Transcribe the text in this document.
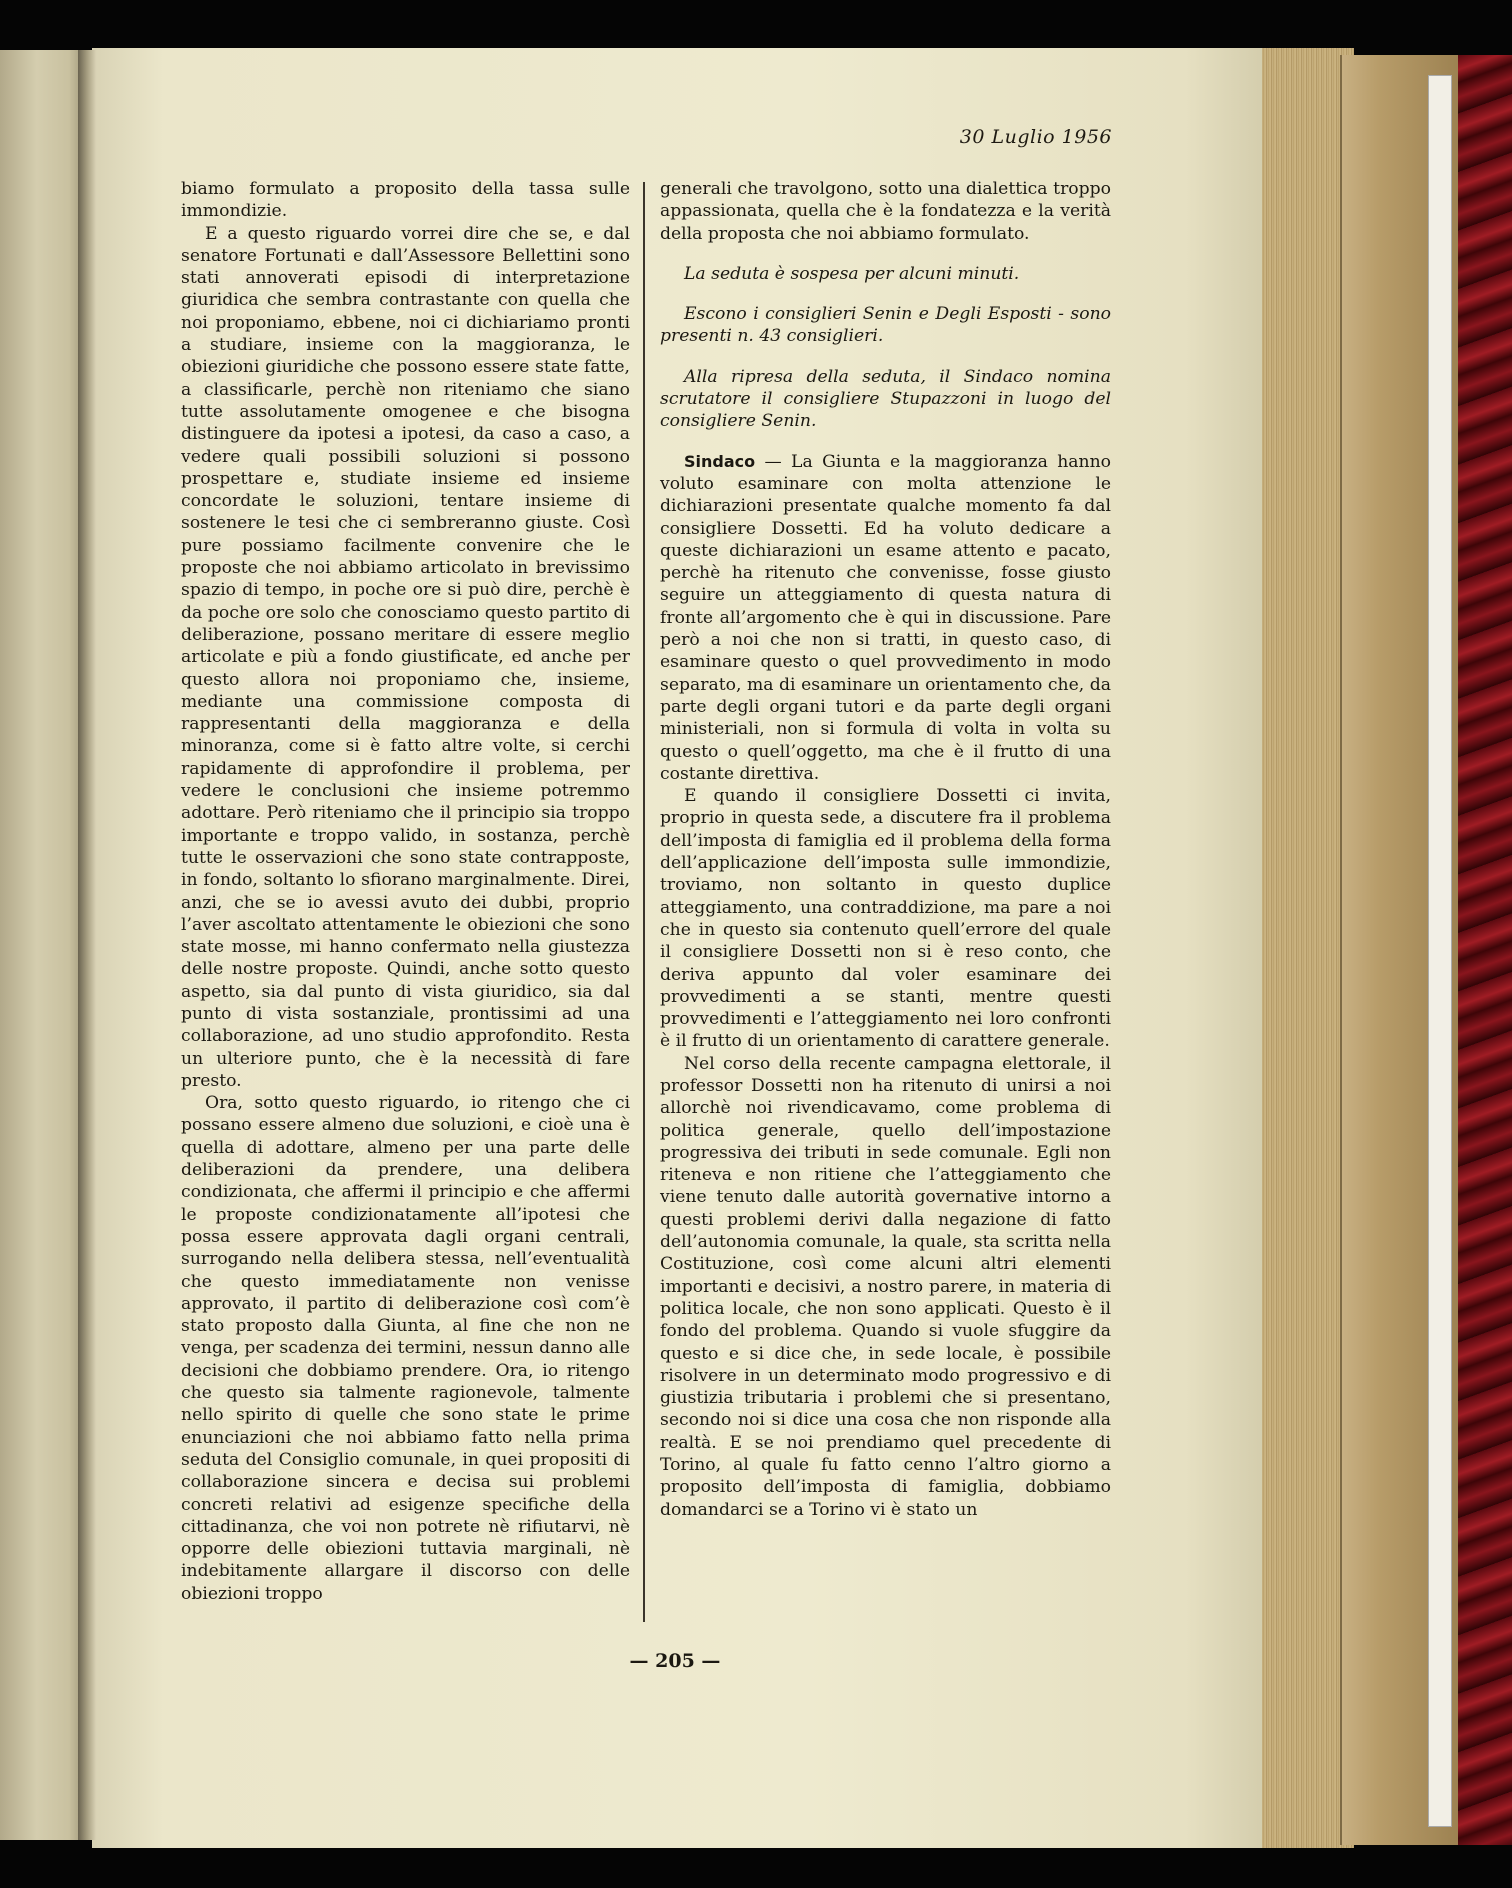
30 Luglio 1956

biamo formulato a proposito della tassa sulle immondizie.

E a questo riguardo vorrei dire che se, e dal senatore Fortunati e dall’Assessore Bellettini sono stati annoverati episodi di interpretazione giuridica che sembra contrastante con quella che noi proponiamo, ebbene, noi ci dichiariamo pronti a studiare, insieme con la maggioranza, le obiezioni giuridiche che possono essere state fatte, a classificarle, perchè non riteniamo che siano tutte assolutamente omogenee e che bisogna distinguere da ipotesi a ipotesi, da caso a caso, a vedere quali possibili soluzioni si possono prospettare e, studiate insieme ed insieme concordate le soluzioni, tentare insieme di sostenere le tesi che ci sembreranno giuste. Così pure possiamo facilmente convenire che le proposte che noi abbiamo articolato in brevissimo spazio di tempo, in poche ore si può dire, perchè è da poche ore solo che conosciamo questo partito di deliberazione, possano meritare di essere meglio articolate e più a fondo giustificate, ed anche per questo allora noi proponiamo che, insieme, mediante una commissione composta di rappresentanti della maggioranza e della minoranza, come si è fatto altre volte, si cerchi rapidamente di approfondire il problema, per vedere le conclusioni che insieme potremmo adottare. Però riteniamo che il principio sia troppo importante e troppo valido, in sostanza, perchè tutte le osservazioni che sono state contrapposte, in fondo, soltanto lo sfiorano marginalmente. Direi, anzi, che se io avessi avuto dei dubbi, proprio l’aver ascoltato attentamente le obiezioni che sono state mosse, mi hanno confermato nella giustezza delle nostre proposte. Quindi, anche sotto questo aspetto, sia dal punto di vista giuridico, sia dal punto di vista sostanziale, prontissimi ad una collaborazione, ad uno studio approfondito. Resta un ulteriore punto, che è la necessità di fare presto.

Ora, sotto questo riguardo, io ritengo che ci possano essere almeno due soluzioni, e cioè una è quella di adottare, almeno per una parte delle deliberazioni da prendere, una delibera condizionata, che affermi il principio e che affermi le proposte condizionatamente all’ipotesi che possa essere approvata dagli organi centrali, surrogando nella delibera stessa, nell’eventualità che questo immediatamente non venisse approvato, il partito di deliberazione così com’è stato proposto dalla Giunta, al fine che non ne venga, per scadenza dei termini, nessun danno alle decisioni che dobbiamo prendere. Ora, io ritengo che questo sia talmente ragionevole, talmente nello spirito di quelle che sono state le prime enunciazioni che noi abbiamo fatto nella prima seduta del Consiglio comunale, in quei propositi di collaborazione sincera e decisa sui problemi concreti relativi ad esigenze specifiche della cittadinanza, che voi non potrete nè rifiutarvi, nè opporre delle obiezioni tuttavia marginali, nè indebitamente allargare il discorso con delle obiezioni troppo

generali che travolgono, sotto una dialettica troppo appassionata, quella che è la fondatezza e la verità della proposta che noi abbiamo formulato.

La seduta è sospesa per alcuni minuti.

Escono i consiglieri Senin e Degli Esposti - sono presenti n. 43 consiglieri.

Alla ripresa della seduta, il Sindaco nomina scrutatore il consigliere Stupazzoni in luogo del consigliere Senin.

Sindaco — La Giunta e la maggioranza hanno voluto esaminare con molta attenzione le dichiarazioni presentate qualche momento fa dal consigliere Dossetti. Ed ha voluto dedicare a queste dichiarazioni un esame attento e pacato, perchè ha ritenuto che convenisse, fosse giusto seguire un atteggiamento di questa natura di fronte all’argomento che è qui in discussione. Pare però a noi che non si tratti, in questo caso, di esaminare questo o quel provvedimento in modo separato, ma di esaminare un orientamento che, da parte degli organi tutori e da parte degli organi ministeriali, non si formula di volta in volta su questo o quell’oggetto, ma che è il frutto di una costante direttiva.

E quando il consigliere Dossetti ci invita, proprio in questa sede, a discutere fra il problema dell’imposta di famiglia ed il problema della forma dell’applicazione dell’imposta sulle immondizie, troviamo, non soltanto in questo duplice atteggiamento, una contraddizione, ma pare a noi che in questo sia contenuto quell’errore del quale il consigliere Dossetti non si è reso conto, che deriva appunto dal voler esaminare dei provvedimenti a se stanti, mentre questi provvedimenti e l’atteggiamento nei loro confronti è il frutto di un orientamento di carattere generale.

Nel corso della recente campagna elettorale, il professor Dossetti non ha ritenuto di unirsi a noi allorchè noi rivendicavamo, come problema di politica generale, quello dell’impostazione progressiva dei tributi in sede comunale. Egli non riteneva e non ritiene che l’atteggiamento che viene tenuto dalle autorità governative intorno a questi problemi derivi dalla negazione di fatto dell’autonomia comunale, la quale, sta scritta nella Costituzione, così come alcuni altri elementi importanti e decisivi, a nostro parere, in materia di politica locale, che non sono applicati. Questo è il fondo del problema. Quando si vuole sfuggire da questo e si dice che, in sede locale, è possibile risolvere in un determinato modo progressivo e di giustizia tributaria i problemi che si presentano, secondo noi si dice una cosa che non risponde alla realtà. E se noi prendiamo quel precedente di Torino, al quale fu fatto cenno l’altro giorno a proposito dell’imposta di famiglia, dobbiamo domandarci se a Torino vi è stato un

— 205 —
